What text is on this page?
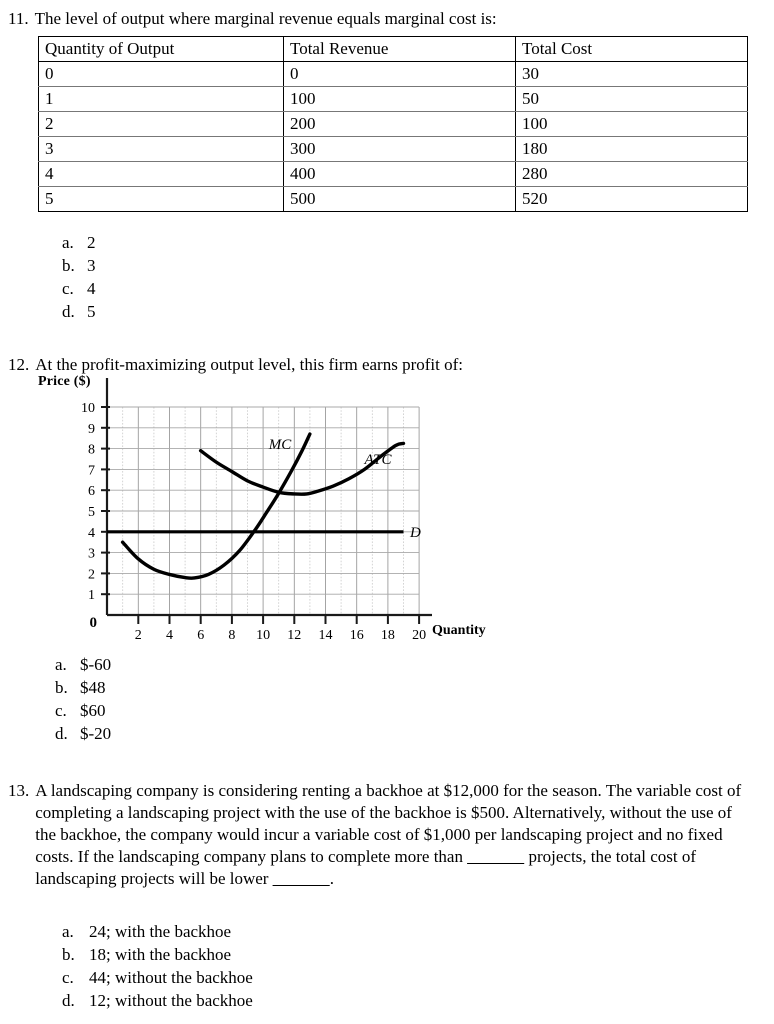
11. The level of output where marginal revenue equals marginal cost is:
Quantity of Output	Total Revenue	Total Cost
0	0	30
1	100	50
2	200	100
3	300	180
4	400	280
5	500	520
a. 2
b. 3
c. 4
d. 5
12. At the profit-maximizing output level, this firm earns profit of:
Price ($)
Quantity
10
9
8
7
6
5
4
3
2
1
0
2 4 6 8 10 12 14 16 18 20
MC
ATC
D
a. $-60
b. $48
c. $60
d. $-20
13. A landscaping company is considering renting a backhoe at $12,000 for the season. The variable cost of completing a landscaping project with the use of the backhoe is $500. Alternatively, without the use of the backhoe, the company would incur a variable cost of $1,000 per landscaping project and no fixed costs. If the landscaping company plans to complete more than ______ projects, the total cost of landscaping projects will be lower ______.
a. 24; with the backhoe
b. 18; with the backhoe
c. 44; without the backhoe
d. 12; without the backhoe
